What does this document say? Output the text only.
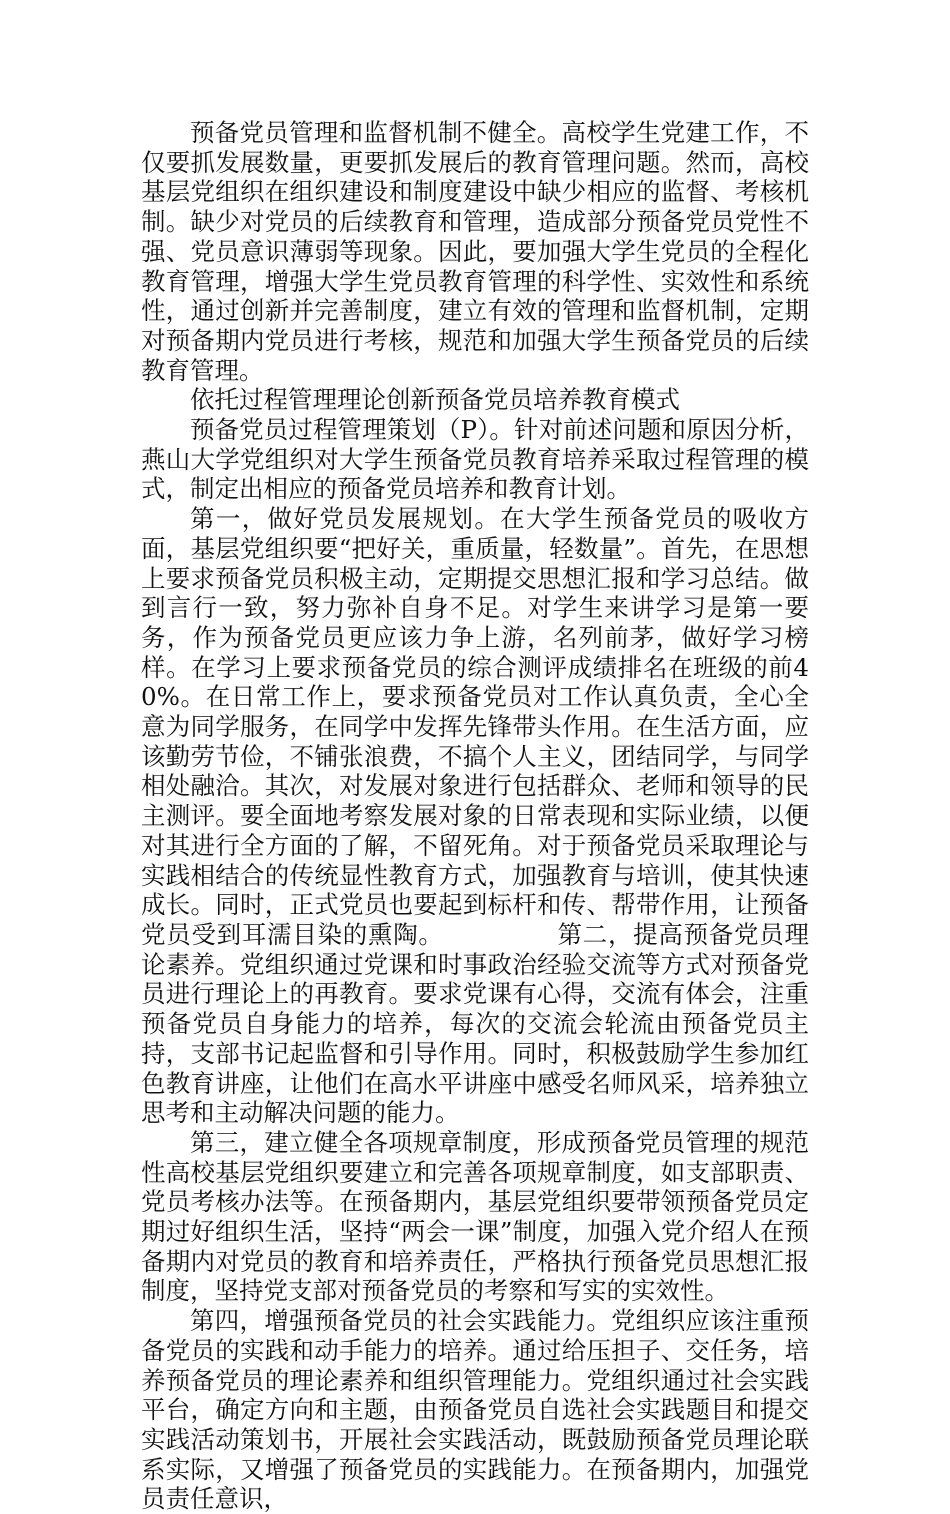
预备党员管理和监督机制不健全。高校学生党建工作，不仅要抓发展数量，更要抓发展后的教育管理问题。然而，高校基层党组织在组织建设和制度建设中缺少相应的监督、考核机制。缺少对党员的后续教育和管理，造成部分预备党员党性不强、党员意识薄弱等现象。因此，要加强大学生党员的全程化教育管理，增强大学生党员教育管理的科学性、实效性和系统性，通过创新并完善制度，建立有效的管理和监督机制，定期对预备期内党员进行考核，规范和加强大学生预备党员的后续教育管理。

依托过程管理理论创新预备党员培养教育模式

预备党员过程管理策划（P）。针对前述问题和原因分析，燕山大学党组织对大学生预备党员教育培养采取过程管理的模式，制定出相应的预备党员培养和教育计划。

第一，做好党员发展规划。在大学生预备党员的吸收方面，基层党组织要“把好关，重质量，轻数量”。首先，在思想上要求预备党员积极主动，定期提交思想汇报和学习总结。做到言行一致，努力弥补自身不足。对学生来讲学习是第一要务，作为预备党员更应该力争上游，名列前茅，做好学习榜样。在学习上要求预备党员的综合测评成绩排名在班级的前40%。在日常工作上，要求预备党员对工作认真负责，全心全意为同学服务，在同学中发挥先锋带头作用。在生活方面，应该勤劳节俭，不铺张浪费，不搞个人主义，团结同学，与同学相处融洽。其次，对发展对象进行包括群众、老师和领导的民主测评。要全面地考察发展对象的日常表现和实际业绩，以便对其进行全方面的了解，不留死角。对于预备党员采取理论与实践相结合的传统显性教育方式，加强教育与培训，使其快速成长。同时，正式党员也要起到标杆和传、帮带作用，让预备党员受到耳濡目染的熏陶。　　　　　第二，提高预备党员理论素养。党组织通过党课和时事政治经验交流等方式对预备党员进行理论上的再教育。要求党课有心得，交流有体会，注重预备党员自身能力的培养，每次的交流会轮流由预备党员主持，支部书记起监督和引导作用。同时，积极鼓励学生参加红色教育讲座，让他们在高水平讲座中感受名师风采，培养独立思考和主动解决问题的能力。

第三，建立健全各项规章制度，形成预备党员管理的规范性高校基层党组织要建立和完善各项规章制度，如支部职责、党员考核办法等。在预备期内，基层党组织要带领预备党员定期过好组织生活，坚持“两会一课”制度，加强入党介绍人在预备期内对党员的教育和培养责任，严格执行预备党员思想汇报制度，坚持党支部对预备党员的考察和写实的实效性。

第四，增强预备党员的社会实践能力。党组织应该注重预备党员的实践和动手能力的培养。通过给压担子、交任务，培养预备党员的理论素养和组织管理能力。党组织通过社会实践平台，确定方向和主题，由预备党员自选社会实践题目和提交实践活动策划书，开展社会实践活动，既鼓励预备党员理论联系实际，又增强了预备党员的实践能力。在预备期内，加强党员责任意识，
